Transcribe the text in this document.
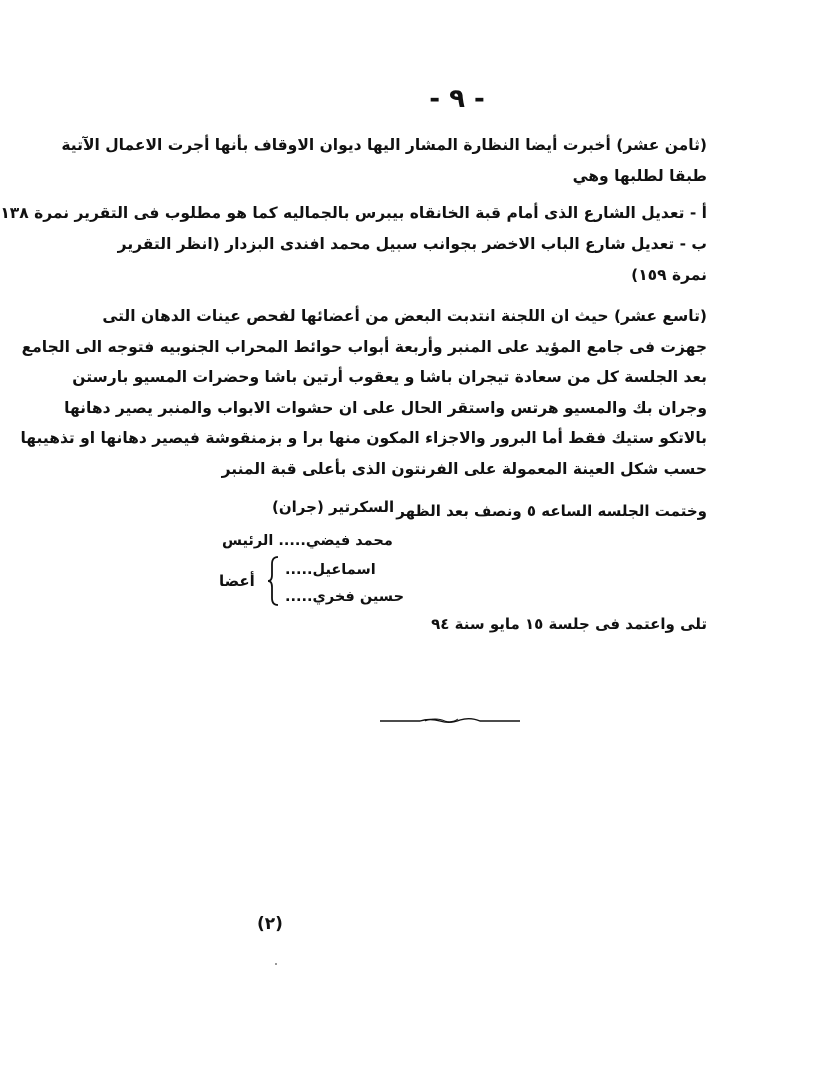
- ٩ -
(ثامن عشر) أخبرت أيضا النظارة المشار اليها ديوان الاوقاف بأنها أجرت الاعمال الآتية
طبقا لطلبها وهي
أ - تعديل الشارع الذى أمام قبة الخانقاه بيبرس بالجماليه كما هو مطلوب فى التقرير نمرة ١٣٨
ب - تعديل شارع الباب الاخضر بجوانب سبيل محمد افندى البزدار (انظر التقرير
نمرة ١٥٩)
(تاسع عشر) حيث ان اللجنة انتدبت البعض من أعضائها لفحص عينات الدهان التى
جهزت فى جامع المؤيد على المنبر وأربعة أبواب حوائط المحراب الجنوبيه فتوجه الى الجامع
بعد الجلسة كل من سعادة تيجران باشا و يعقوب أرتين باشا وحضرات المسيو بارستن
وجران بك والمسيو هرتس واستقر الحال على ان حشوات الابواب والمنبر يصير دهانها
بالاتكو ستيك فقط أما البرور والاجزاء المكون منها برا و بزمنقوشة فيصير دهانها او تذهيبها
حسب شكل العينة المعمولة على الفرنتون الذى بأعلى قبة المنبر
وختمت الجلسه الساعه ٥ ونصف بعد الظهر
السكرتير (جران)
محمد فيضي..... الرئيس
اسماعيل.....
حسين فخري.....
أعضا
تلى واعتمد فى جلسة ١٥ مايو سنة ٩٤
(٢)
